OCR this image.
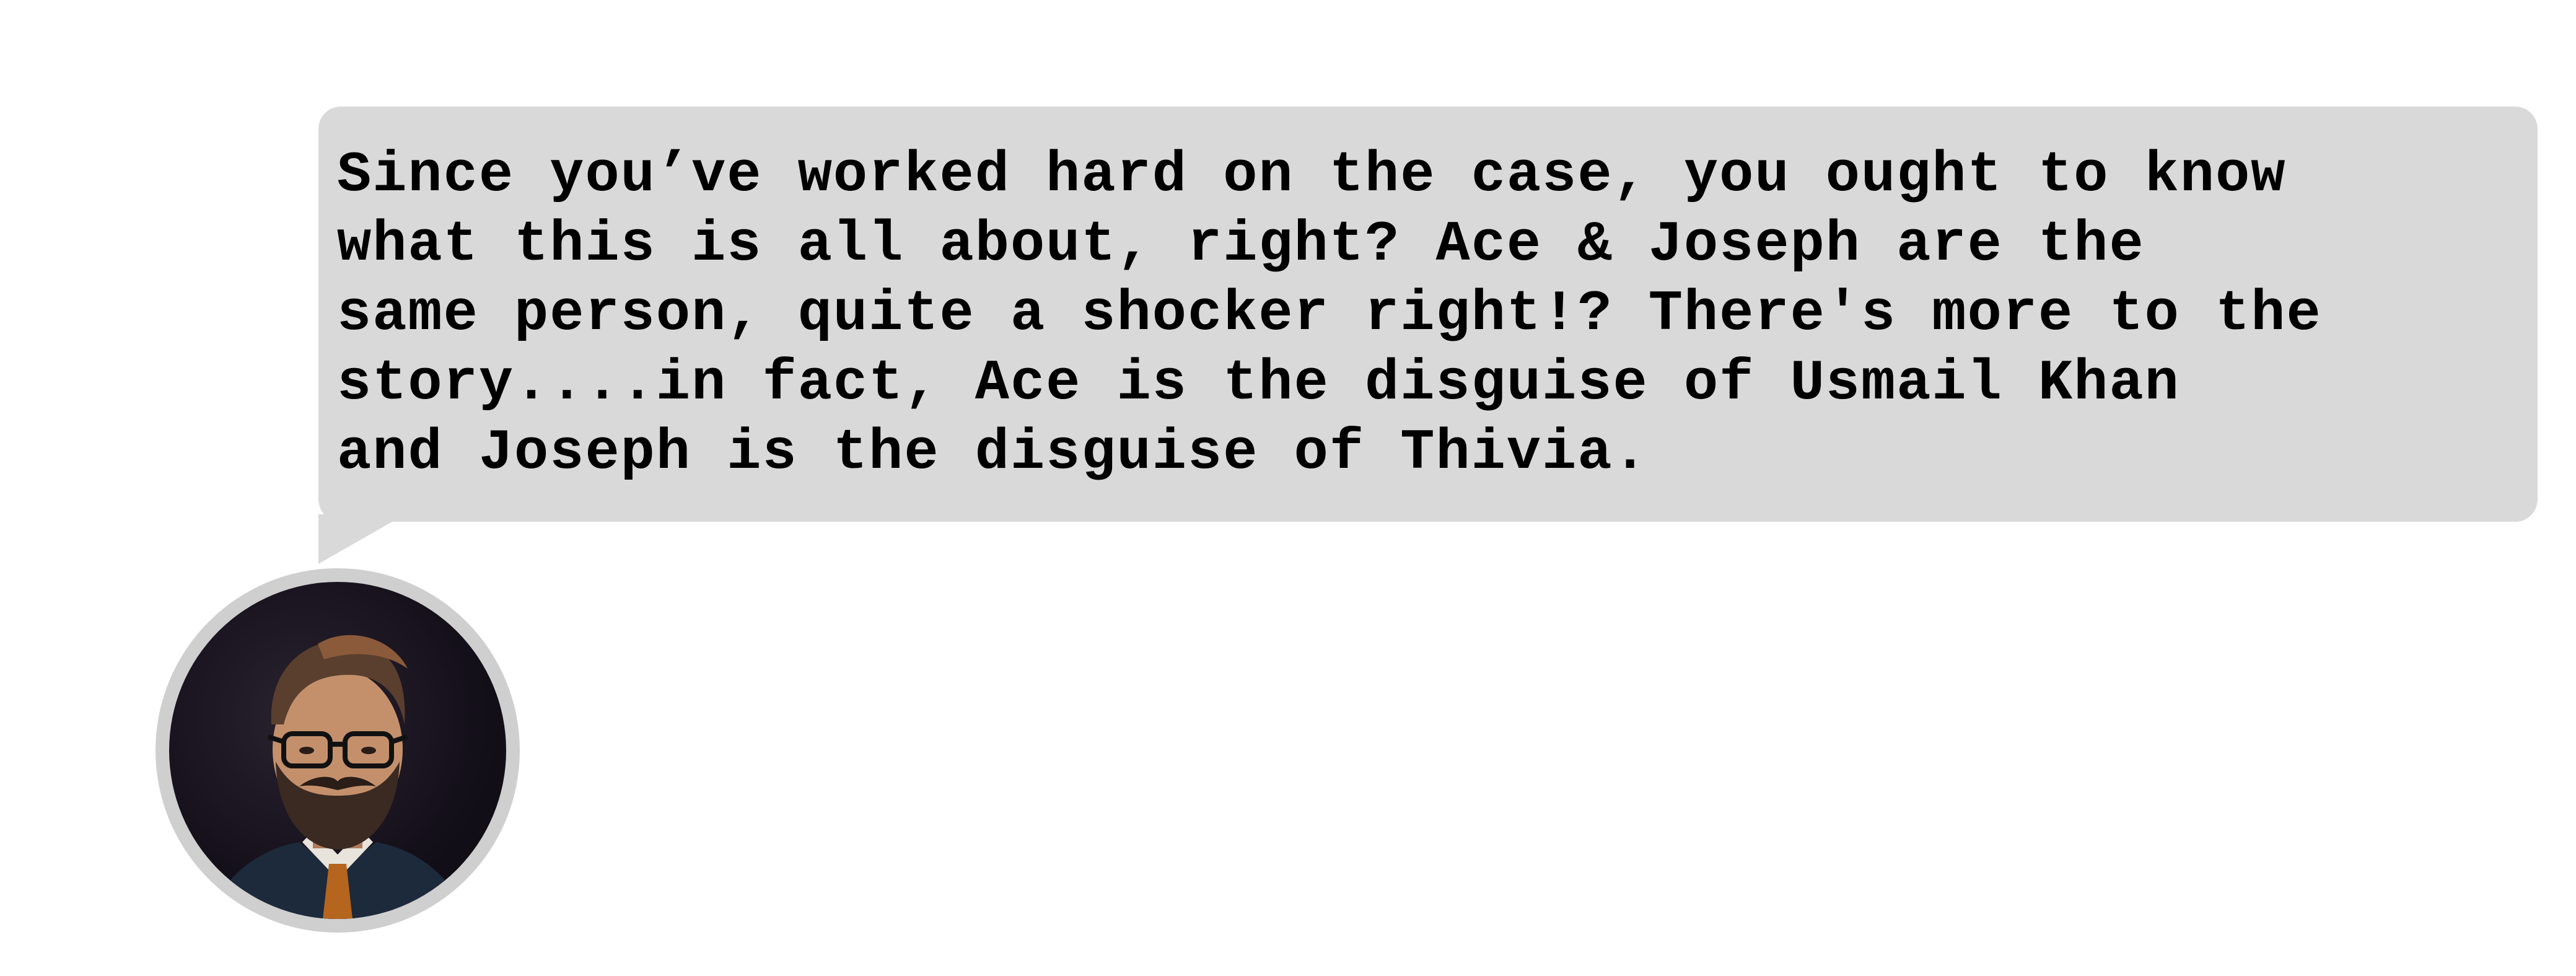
Since you’ve worked hard on the case, you ought to know

what this is all about, right? Ace & Joseph are the

same person, quite a shocker right!? There's more to the

story....in fact, Ace is the disguise of Usmail Khan

and Joseph is the disguise of Thivia.
